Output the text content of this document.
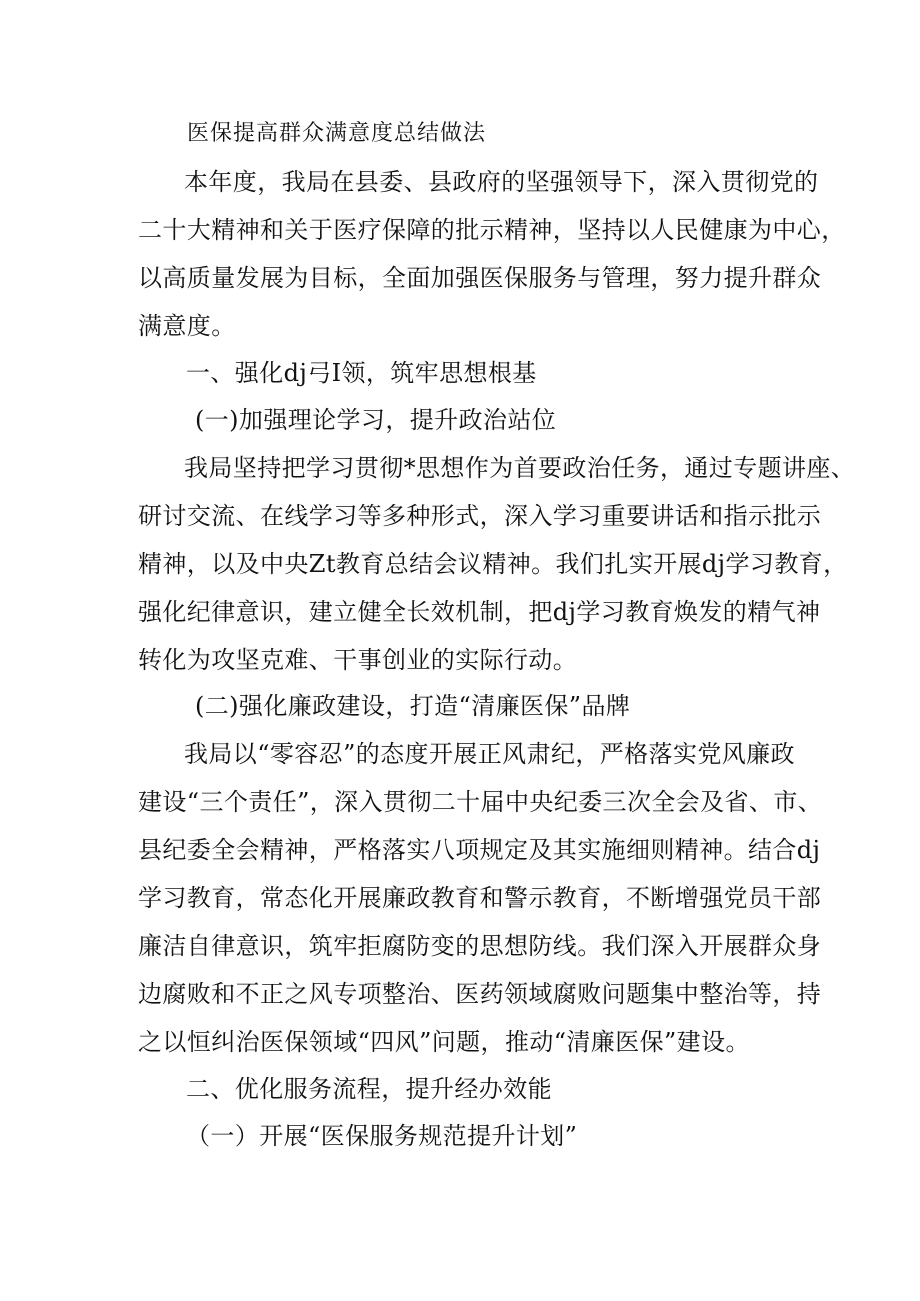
医保提高群众满意度总结做法
本年度，我局在县委、县政府的坚强领导下，深入贯彻党的
二十大精神和关于医疗保障的批示精神，坚持以人民健康为中心，
以高质量发展为目标，全面加强医保服务与管理，努力提升群众
满意度。
一、强化dj弓I领，筑牢思想根基
(一)加强理论学习，提升政治站位
我局坚持把学习贯彻*思想作为首要政治任务，通过专题讲座、
研讨交流、在线学习等多种形式，深入学习重要讲话和指示批示
精神，以及中央Zt教育总结会议精神。我们扎实开展dj学习教育，
强化纪律意识，建立健全长效机制，把dj学习教育焕发的精气神
转化为攻坚克难、干事创业的实际行动。
(二)强化廉政建设，打造“清廉医保”品牌
我局以“零容忍”的态度开展正风肃纪，严格落实党风廉政
建设“三个责任”，深入贯彻二十届中央纪委三次全会及省、市、
县纪委全会精神，严格落实八项规定及其实施细则精神。结合dj
学习教育，常态化开展廉政教育和警示教育，不断增强党员干部
廉洁自律意识，筑牢拒腐防变的思想防线。我们深入开展群众身
边腐败和不正之风专项整治、医药领域腐败问题集中整治等，持
之以恒纠治医保领域“四风”问题，推动“清廉医保”建设。
二、优化服务流程，提升经办效能
（一）开展“医保服务规范提升计划”
